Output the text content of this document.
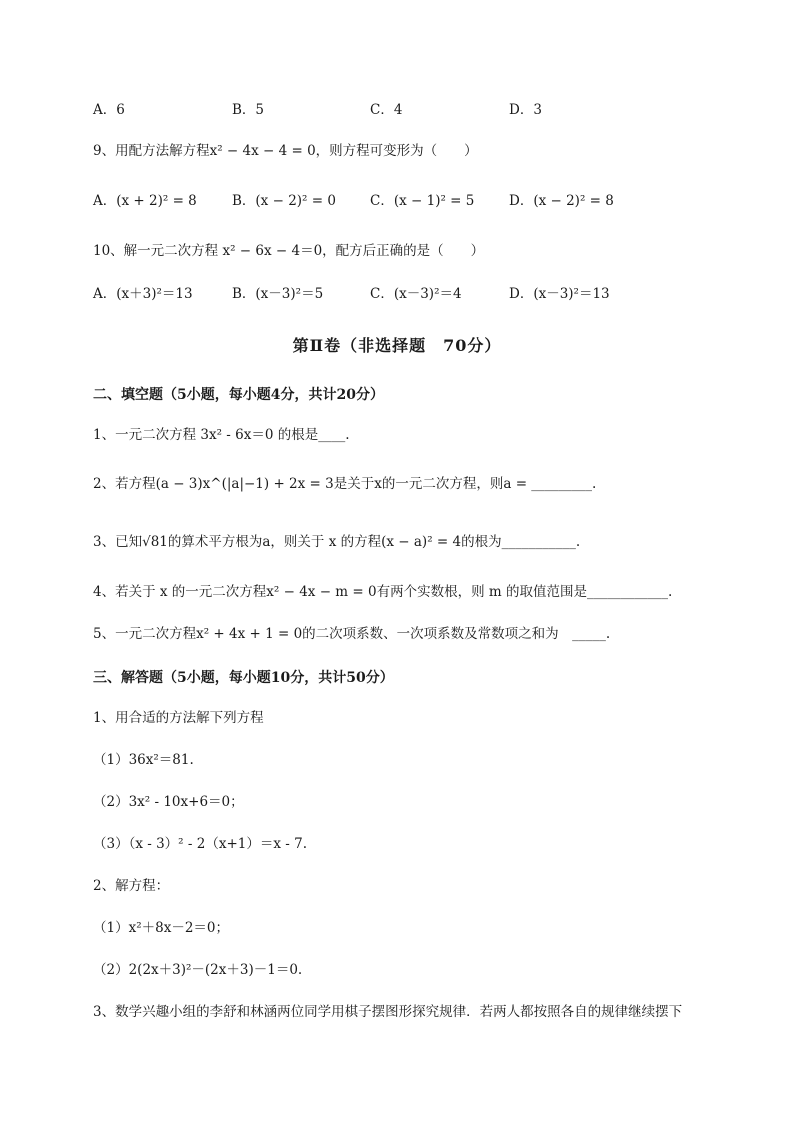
A．6	B．5	C．4	D．3
9、用配方法解方程x² − 4x − 4 = 0，则方程可变形为（　　）
A．(x + 2)² = 8	B．(x − 2)² = 0	C．(x − 1)² = 5	D．(x − 2)² = 8
10、解一元二次方程 x² − 6x − 4＝0，配方后正确的是（　　）
A．(x＋3)²＝13	B．(x－3)²＝5	C．(x－3)²＝4	D．(x－3)²＝13
第Ⅱ卷（非选择题　70分）
二、填空题（5小题，每小题4分，共计20分）
1、一元二次方程 3x² - 6x＝0 的根是____.
2、若方程(a − 3)x^(|a|−1) + 2x = 3是关于x的一元二次方程，则a = _________.
3、已知√81的算术平方根为a，则关于 x 的方程(x − a)² = 4的根为___________.
4、若关于 x 的一元二次方程x² − 4x − m = 0有两个实数根，则 m 的取值范围是____________.
5、一元二次方程x² + 4x + 1 = 0的二次项系数、一次项系数及常数项之和为　_____.
三、解答题（5小题，每小题10分，共计50分）
1、用合适的方法解下列方程
（1）36x²＝81.
（2）3x² - 10x+6＝0；
（3）（x - 3）² - 2（x+1）＝x - 7.
2、解方程：
（1）x²＋8x－2＝0；
（2）2(2x＋3)²－(2x＋3)－1＝0.
3、数学兴趣小组的李舒和林涵两位同学用棋子摆图形探究规律．若两人都按照各自的规律继续摆下
